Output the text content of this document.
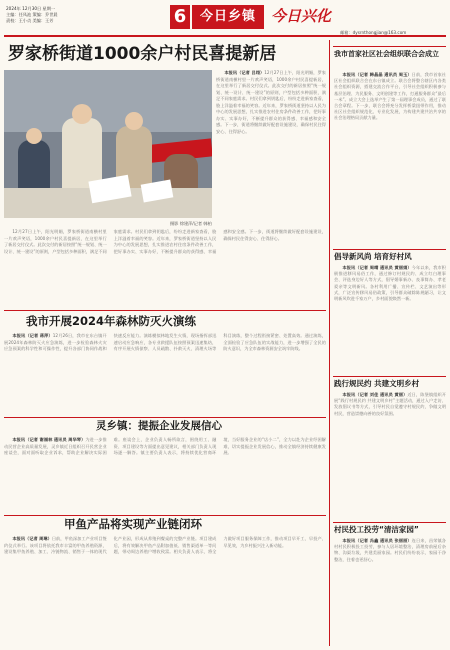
2024年 12月30日 星期一
主编：任凤池 策编：乔世晨
责校：王小贞 美编：王芳	6	今日乡镇 今日兴化
邮箱：dysrnthongjian@163.com
罗家桥街道1000余户村民喜提新居
摄影 徐建萍/记者 韩柏
本报讯（记者 吕翊）12月27日上午，阳光明媚，罗家桥街道南横村里一片欢声笑语，1000余户村民喜提新居，在这里举行了新居交付仪式。此次交付的新居按照“统一规划、统一设计、统一建设”的原则，户型包括多种面积，满足不同家庭需求。村民们拿到钥匙后，纷纷走进新家查看，脸上洋溢着幸福的笑容。近年来，罗家桥街道坚持以人民为中心的发展思想，扎实推进农村住房条件改善工作，把好事办实、实事办好，不断提升群众的获得感、幸福感和安全感。下一步，街道将继续做好配套设施建设，确保村民住得安心、住得舒心。
12月27日上午，阳光明媚，罗家桥街道南横村里一片欢声笑语，1000余户村民喜提新居，在这里举行了新居交付仪式。此次交付的新居按照“统一规划、统一设计、统一建设”的原则，户型包括多种面积，满足不同家庭需求。村民们拿到钥匙后，纷纷走进新家查看，脸上洋溢着幸福的笑容。近年来，罗家桥街道坚持以人民为中心的发展思想，扎实推进农村住房条件改善工作，把好事办实、实事办好，不断提升群众的获得感、幸福感和安全感。下一步，街道将继续做好配套设施建设，确保村民住得安心、住得舒心。
我市开展2024年森林防灭火演练
本报讯（记者 蒋萍）12月26日，我市在东台镇开展2024年森林防灭火应急演练，进一步检验森林火灾应急预案的科学性和可操作性，提升各部门协同作战和快速反应能力。演练模拟林地发生火情，现场指挥部迅速启动应急响应，各专业救援队伍按照预案迅速集结，有序开展火情侦察、人员疏散、扑救灭火、清理火场等科目演练，整个过程衔接紧密、处置高效。通过演练，全面检验了应急队伍的实战能力，进一步增强了全民的防火意识，为全市森林资源安全筑牢防线。
灵乡镇：提振企业发展信心
本报讯（记者 谢福林 通讯员 周华琴）为进一步推动民营企业高质量发展，灵乡镇近日组织召开民营企业座谈会，面对面听取企业诉求，帮助企业解决实际困难。座谈会上，企业负责人畅所欲言，围绕用工、融资、项目建设等方面提出意见建议，相关部门负责人现场逐一解答。镇主要负责人表示，将持续优化营商环境，当好服务企业的“店小二”，全力以赴为企业纾困解难，切实提振企业发展信心，推动全镇经济持续健康发展。
甲鱼产品将实现产业链闭环
本报讯（记者 周琳）日前，甲鱼深加工产业项目签约仪式举行。该项目将依托我市丰富的甲鱼养殖资源，建设集甲鱼养殖、加工、冷链物流、销售于一体的现代化产业园，形成从养殖到餐桌的完整产业链。项目建成后，将有效解决甲鱼产品附加值低、销售渠道单一等问题，带动周边养殖户增收致富。相关负责人表示，将全力做好项目服务保障工作，推动项目早开工、早投产、早见效，为乡村振兴注入新动能。
我市首家社区社会组织联合会成立
本报讯（记者 韩晶晶 通讯员 周玉）日前，我市首家社区社会组织联合会在东台镇成立。联合会将整合辖区内各类社会组织资源，搭建交流合作平台，引导社会组织积极参与基层治理、为民服务、文明创建等工作，打通服务群众“最后一米”。成立大会上选举产生了第一届理事会成员，通过了联合会章程。下一步，联合会将充分发挥桥梁纽带作用，推动社区社会组织规范化、专业化发展，为构建共建共治共享的社会治理格局贡献力量。
倡导新风尚 培育好村风
本报讯（记者 周晴 通讯员 黄丽娟）今年以来，我市积极推进移风易俗工作，通过修订村规民约、成立红白理事会、评选身边好人等方式，倡导婚事新办、丧事简办、孝老爱亲等文明新风。各村利用广播、宣传栏、文艺演出等形式，广泛宣传移风易俗政策，引导群众破除陈规陋习，让文明新风吹进千家万户，乡村面貌焕然一新。
践行规民约 共建文明乡村
本报讯（记者 刘佳 通讯员 黄丽）近日，陈堡镇组织开展“践行村规民约 共建文明乡村”主题活动，通过入户走访、发放倡议书等方式，引导村民自觉遵守村规民约，争做文明村民，营造崇德向善的良好氛围。
村民投工投劳“清洁家园”
本报讯（记者 冯鑫 通讯员 张丽丽）连日来，昌荣镇各村村民积极投工投劳，参与人居环境整治，清理房前屋后杂物、沟渠垃圾，共建美丽家园。村民们纷纷表示，家园干净整洁，住着也更舒心。
